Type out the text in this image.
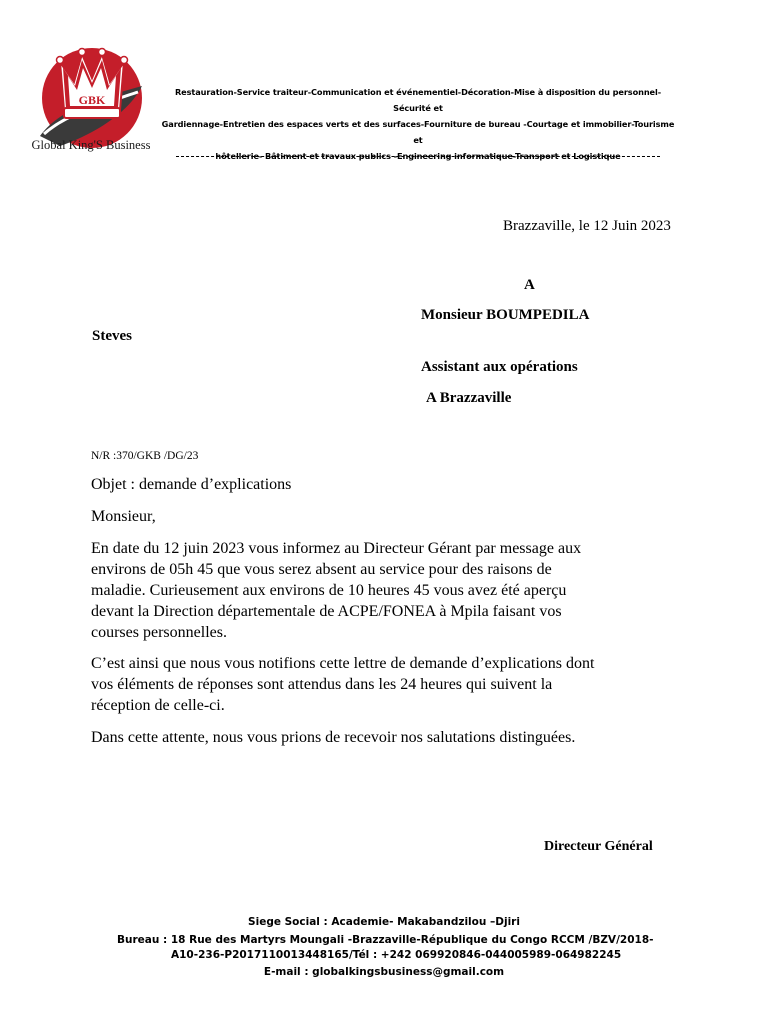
GBK
Global King'S Business
Restauration-Service traiteur-Communication et événementiel-Décoration-Mise à disposition du personnel-Sécurité et
Gardiennage-Entretien des espaces verts et des surfaces-Fourniture de bureau -Courtage et immobilier-Tourisme et
hôtellerie- Bâtiment et travaux publics -Engineering informatique-Transport et Logistique
Brazzaville, le 12 Juin 2023
A
Monsieur BOUMPEDILA
Steves
Assistant aux opérations
A Brazzaville
N/R :370/GKB /DG/23
Objet : demande d’explications
Monsieur,
En date du 12 juin 2023 vous informez au Directeur Gérant par message aux
environs de 05h 45 que vous serez absent au service pour des raisons de
maladie. Curieusement aux environs de 10 heures 45 vous avez été aperçu
devant la Direction départementale de ACPE/FONEA à Mpila faisant vos
courses personnelles.
C’est ainsi que nous vous notifions cette lettre de demande d’explications dont
vos éléments de réponses sont attendus dans les 24 heures qui suivent la
réception de celle-ci.
Dans cette attente, nous vous prions de recevoir nos salutations distinguées.
Directeur Général
Siege Social : Academie- Makabandzilou –Djiri
Bureau : 18 Rue des Martyrs Moungali -Brazzaville-République du Congo RCCM /BZV/2018-
A10-236-P2017110013448165/Tél : +242 069920846-044005989-064982245
E-mail : globalkingsbusiness@gmail.com
